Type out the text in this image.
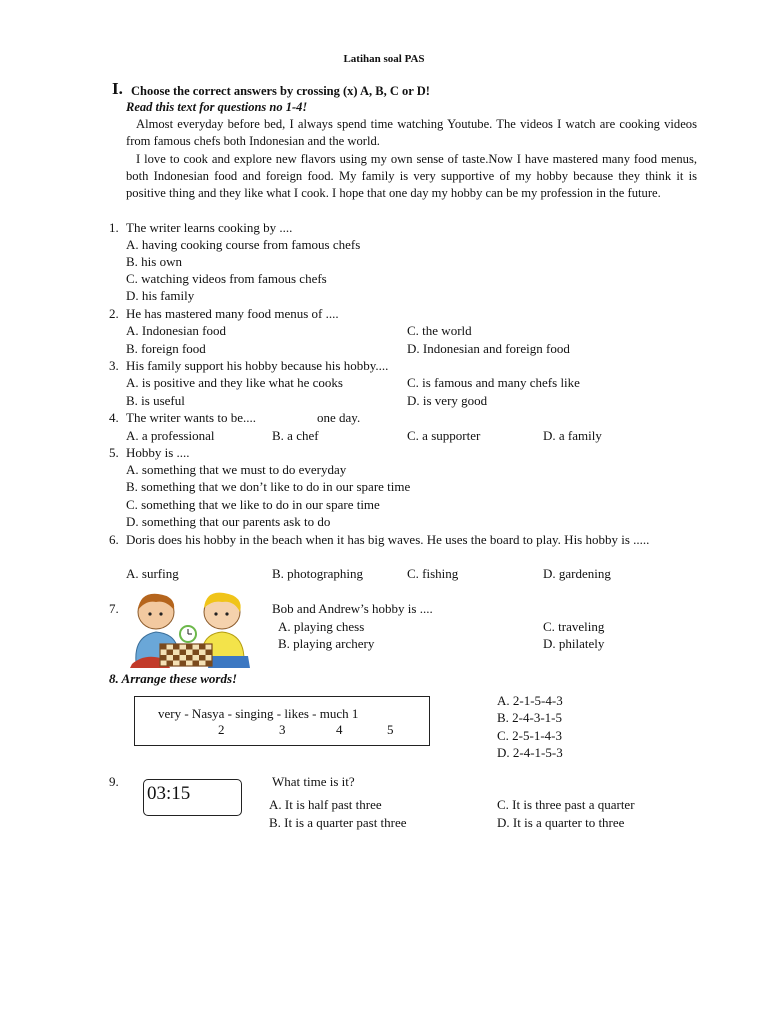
Latihan soal PAS
I. Choose the correct answers by crossing (x) A, B, C or D!
Read this text for questions no 1-4!

Almost everyday before bed, I always spend time watching Youtube. The videos I watch are cooking videos from famous chefs both Indonesian and the world.

I love to cook and explore new flavors using my own sense of taste.Now I have mastered many food menus, both Indonesian food and foreign food. My family is very supportive of my hobby because they think it is positive thing and they like what I cook. I hope that one day my hobby can be my profession in the future.

1. The writer learns cooking by ....
A. having cooking course from famous chefs
B. his own
C. watching videos from famous chefs
D. his family
2. He has mastered many food menus of ....
A. Indonesian food	C. the world
B. foreign food	D. Indonesian and foreign food
3. His family support his hobby because his hobby....
A. is positive and they like what he cooks	C. is famous and many chefs like
B. is useful	D. is very good
4. The writer wants to be....	one day.
A. a professional	B. a chef	C. a supporter	D. a family
5. Hobby is ....
A. something that we must to do everyday
B. something that we don’t like to do in our spare time
C. something that we like to do in our spare time
D. something that our parents ask to do
6. Doris does his hobby in the beach when it has big waves. He uses the board to play. His hobby is .....
A. surfing	B. photographing	C. fishing	D. gardening
7.	Bob and Andrew’s hobby is ....
A. playing chess	C. traveling
B. playing archery	D. philately
8. Arrange these words!
very - Nasya - singing - likes - much 1
2	3	4	5
A. 2-1-5-4-3
B. 2-4-3-1-5
C. 2-5-1-4-3
D. 2-4-1-5-3
9.
03:15
What time is it?
A. It is half past three	C. It is three past a quarter
B. It is a quarter past three	D. It is a quarter to three
